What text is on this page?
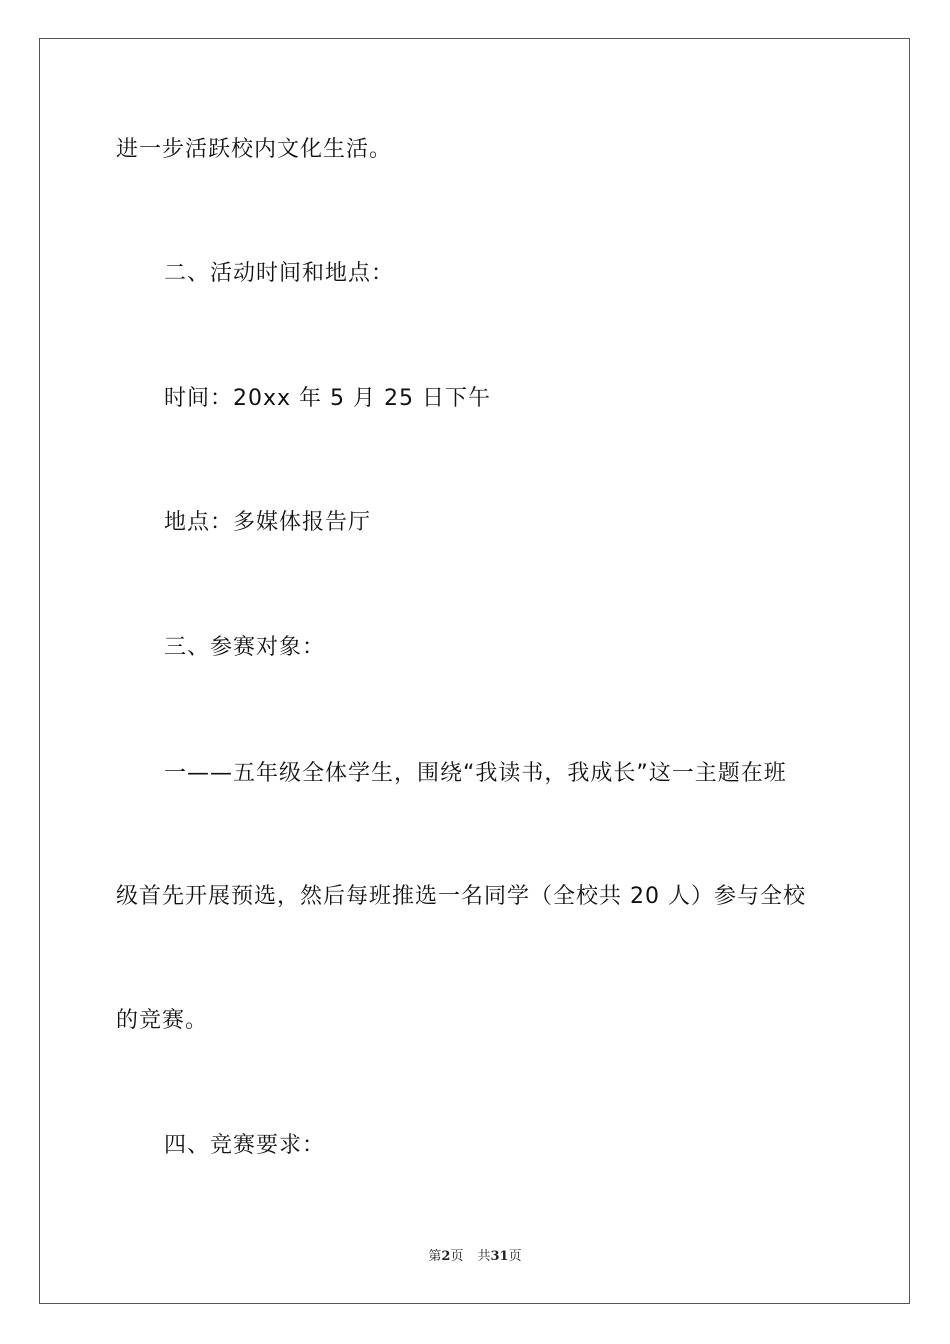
进一步活跃校内文化生活。
二、活动时间和地点：
时间：20xx 年 5 月 25 日下午
地点：多媒体报告厅
三、参赛对象：
一——五年级全体学生，围绕“我读书，我成长”这一主题在班
级首先开展预选，然后每班推选一名同学（全校共 20 人）参与全校
的竞赛。
四、竞赛要求：
第2页 共31页
